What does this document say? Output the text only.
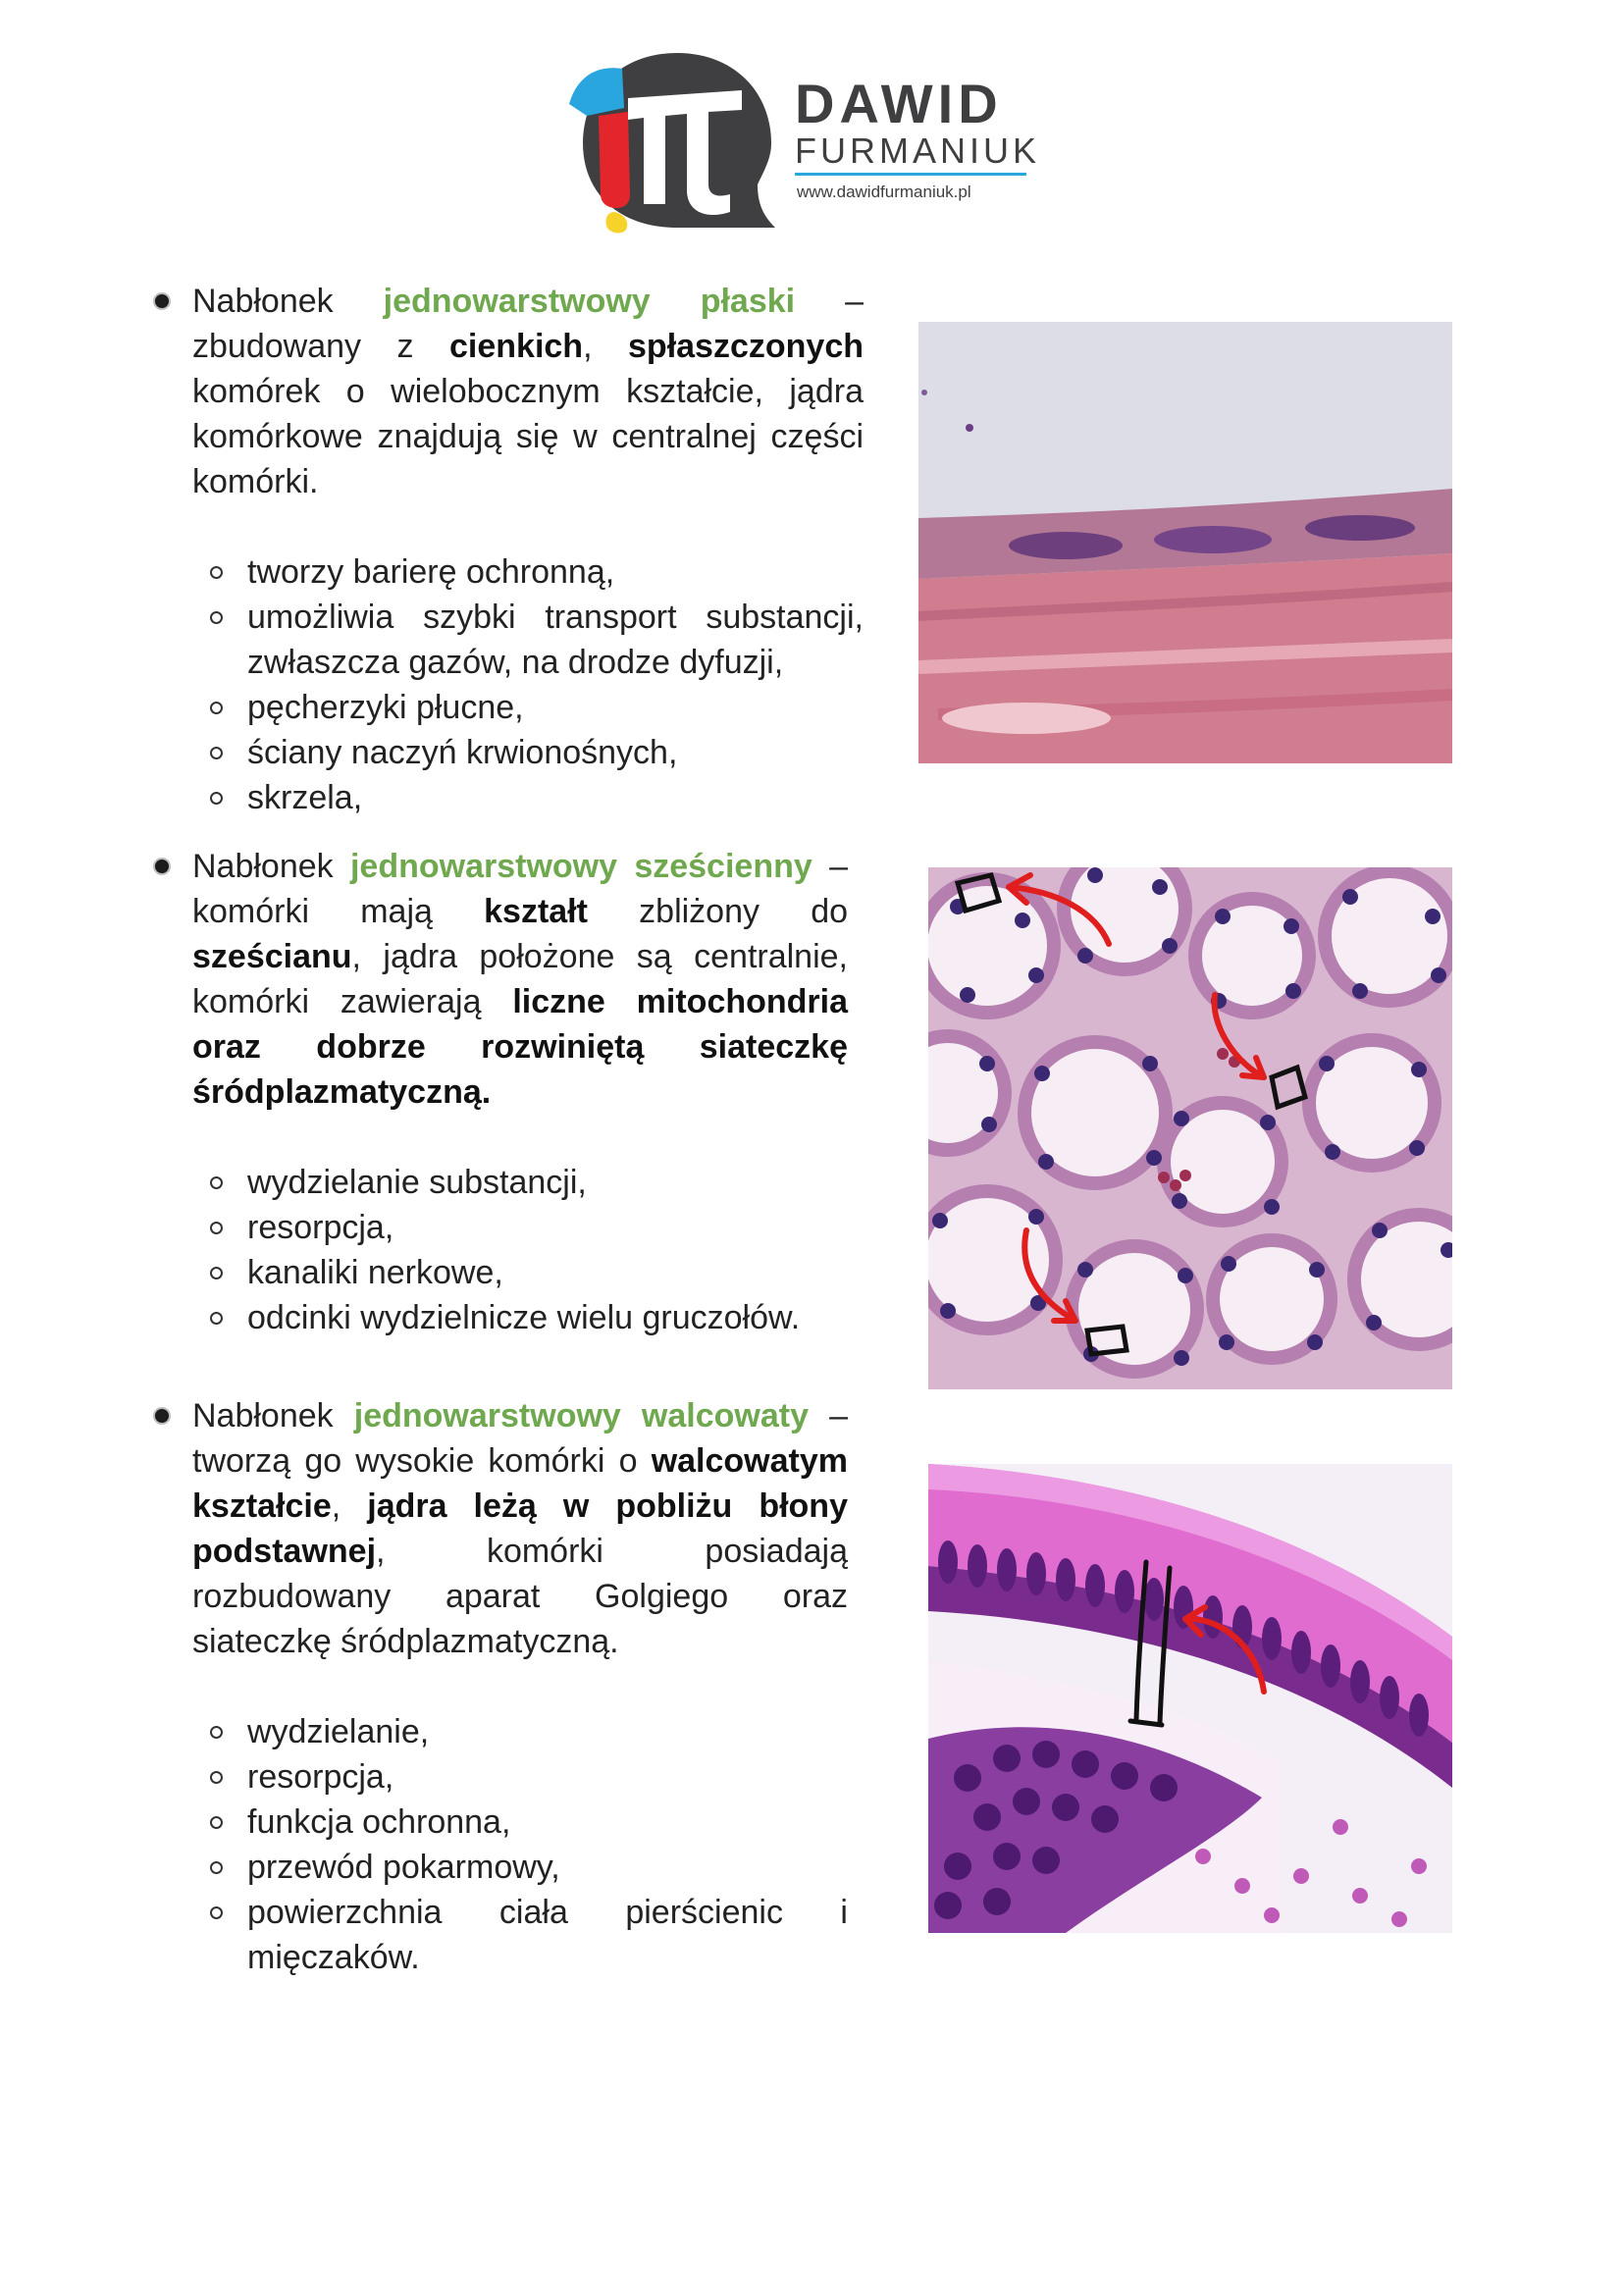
DAWID
FURMANIUK
www.dawidfurmaniuk.pl
Nabłonek jednowarstwowy płaski – zbudowany z cienkich, spłaszczonych komórek o wielobocznym kształcie, jądra komórkowe znajdują się w centralnej części komórki.
tworzy barierę ochronną,
umożliwia szybki transport substancji, zwłaszcza gazów, na drodze dyfuzji,
pęcherzyki płucne,
ściany naczyń krwionośnych,
skrzela,
Nabłonek jednowarstwowy sześcienny – komórki mają kształt zbliżony do sześcianu, jądra położone są centralnie, komórki zawierają liczne mitochondria oraz dobrze rozwiniętą siateczkę śródplazmatyczną.
wydzielanie substancji,
resorpcja,
kanaliki nerkowe,
odcinki wydzielnicze wielu gruczołów.
Nabłonek jednowarstwowy walcowaty – tworzą go wysokie komórki o walcowatym kształcie, jądra leżą w pobliżu błony podstawnej, komórki posiadają rozbudowany aparat Golgiego oraz siateczkę śródplazmatyczną.
wydzielanie,
resorpcja,
funkcja ochronna,
przewód pokarmowy,
powierzchnia ciała pierścienic i mięczaków.
